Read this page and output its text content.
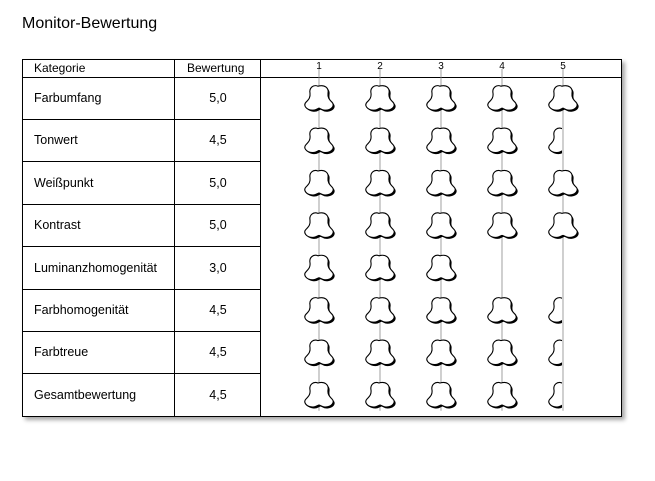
Monitor-Bewertung
Kategorie	Bewertung
Farbumfang	5,0
Tonwert	4,5
Weißpunkt	5,0
Kontrast	5,0
Luminanzhomogenität	3,0
Farbhomogenität	4,5
Farbtreue	4,5
Gesamtbewertung	4,5
1	2	3	4	5
